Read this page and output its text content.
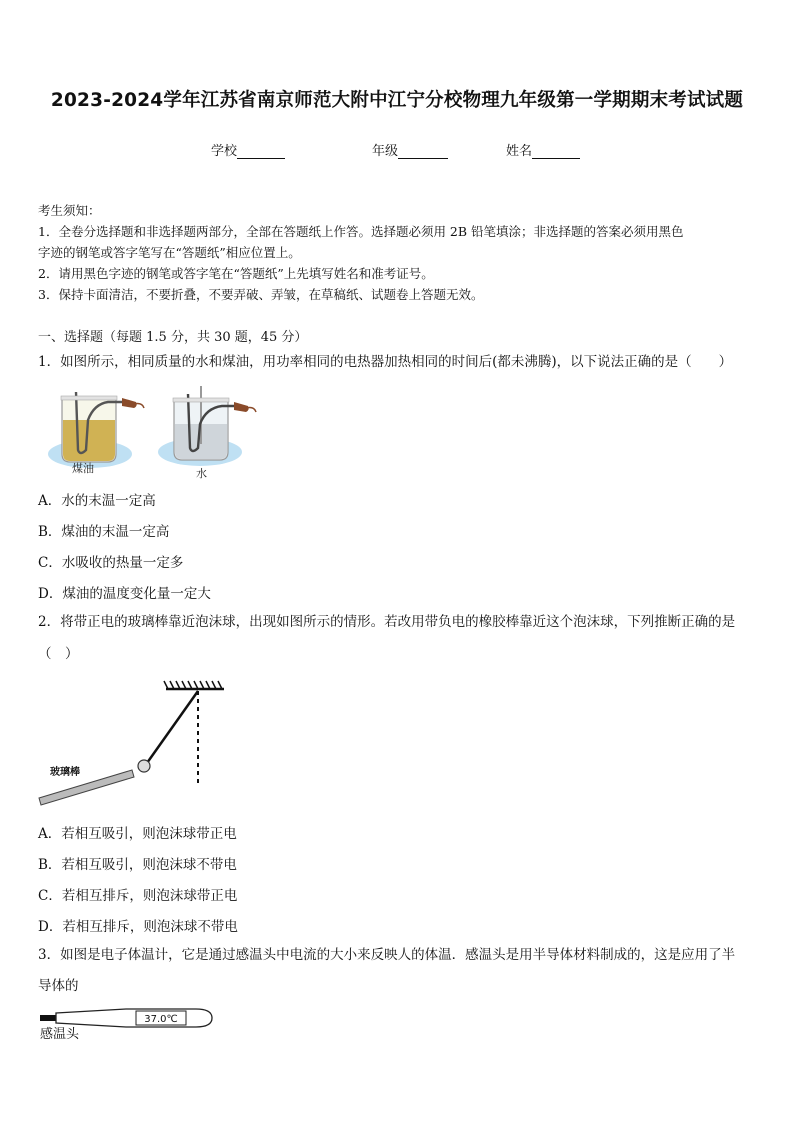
2023-2024学年江苏省南京师范大附中江宁分校物理九年级第一学期期末考试试题
学校	年级	姓名
考生须知：
1．全卷分选择题和非选择题两部分，全部在答题纸上作答。选择题必须用 2B 铅笔填涂；非选择题的答案必须用黑色
字迹的钢笔或答字笔写在“答题纸”相应位置上。
2．请用黑色字迹的钢笔或答字笔在“答题纸”上先填写姓名和准考证号。
3．保持卡面清洁，不要折叠，不要弄破、弄皱，在草稿纸、试题卷上答题无效。
一、选择题（每题 1.5 分，共 30 题，45 分）
1．如图所示，相同质量的水和煤油，用功率相同的电热器加热相同的时间后(都未沸腾)，以下说法正确的是（　　）
煤油	水
A．水的末温一定高
B．煤油的末温一定高
C．水吸收的热量一定多
D．煤油的温度变化量一定大
2．将带正电的玻璃棒靠近泡沫球，出现如图所示的情形。若改用带负电的橡胶棒靠近这个泡沫球，下列推断正确的是
（　）
玻璃棒
A．若相互吸引，则泡沫球带正电
B．若相互吸引，则泡沫球不带电
C．若相互排斥，则泡沫球带正电
D．若相互排斥，则泡沫球不带电
3．如图是电子体温计，它是通过感温头中电流的大小来反映人的体温．感温头是用半导体材料制成的，这是应用了半
导体的
37.0℃
感温头
